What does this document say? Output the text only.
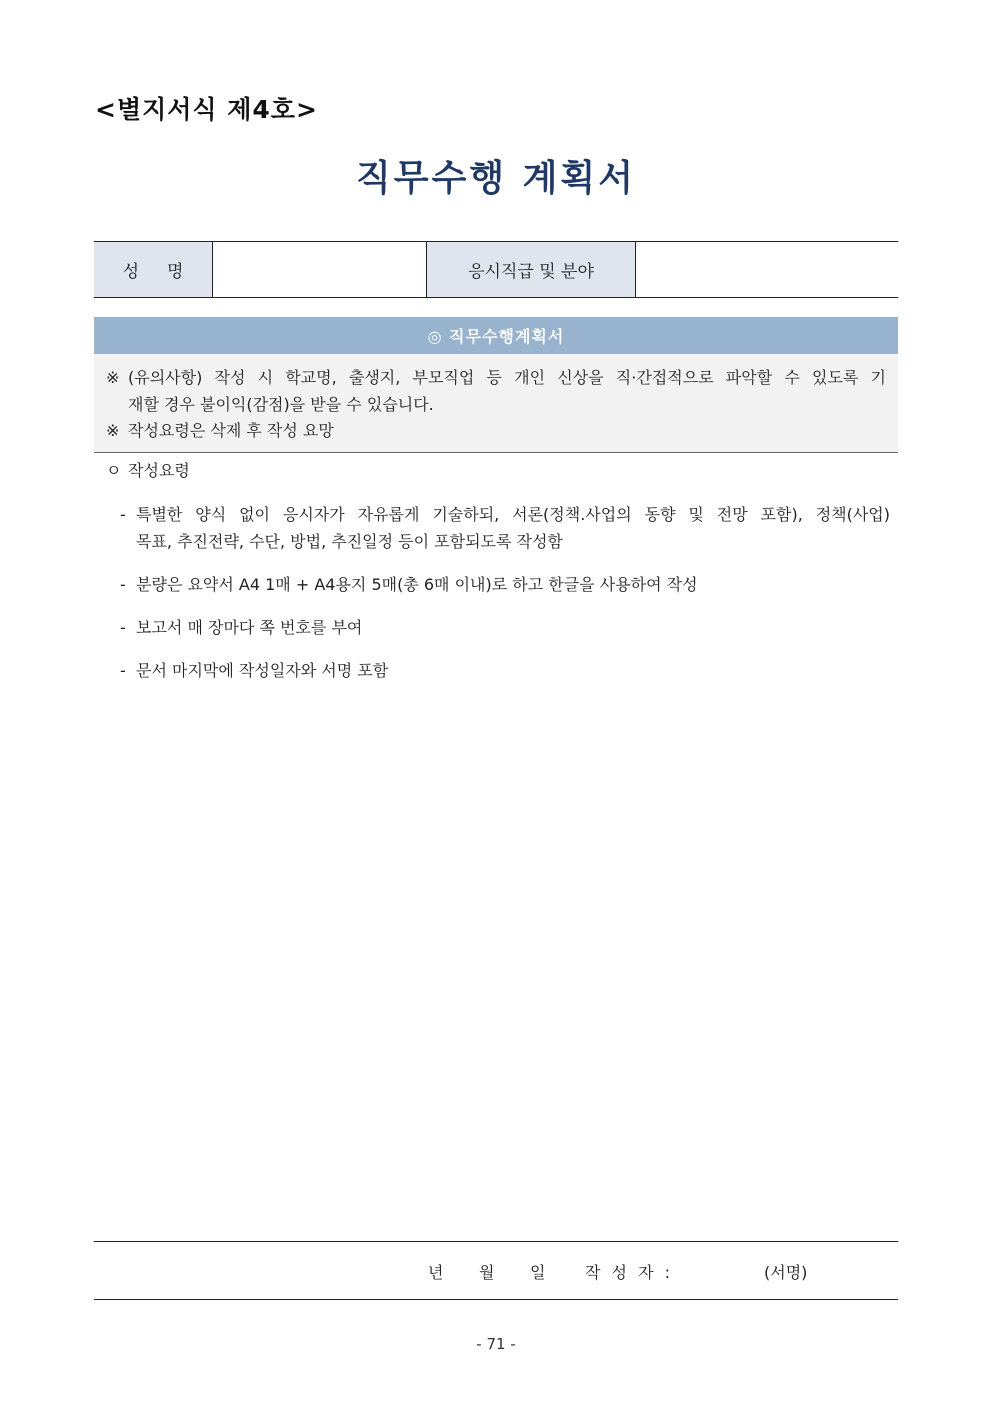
<별지서식 제4호>
직무수행 계획서
성명	응시직급 및 분야
◎ 직무수행계획서
※ (유의사항) 작성 시 학교명, 출생지, 부모직업 등 개인 신상을 직·간접적으로 파악할 수 있도록 기
재할 경우 불이익(감점)을 받을 수 있습니다.
※ 작성요령은 삭제 후 작성 요망
ㅇ 작성요령
- 특별한 양식 없이 응시자가 자유롭게 기술하되, 서론(정책.사업의 동향 및 전망 포함), 정책(사업)
목표, 추진전략, 수단, 방법, 추진일정 등이 포함되도록 작성함
- 분량은 요약서 A4 1매 + A4용지 5매(총 6매 이내)로 하고 한글을 사용하여 작성
- 보고서 매 장마다 쪽 번호를 부여
- 문서 마지막에 작성일자와 서명 포함
년 월 일 작 성 자 :	(서명)
- 71 -
